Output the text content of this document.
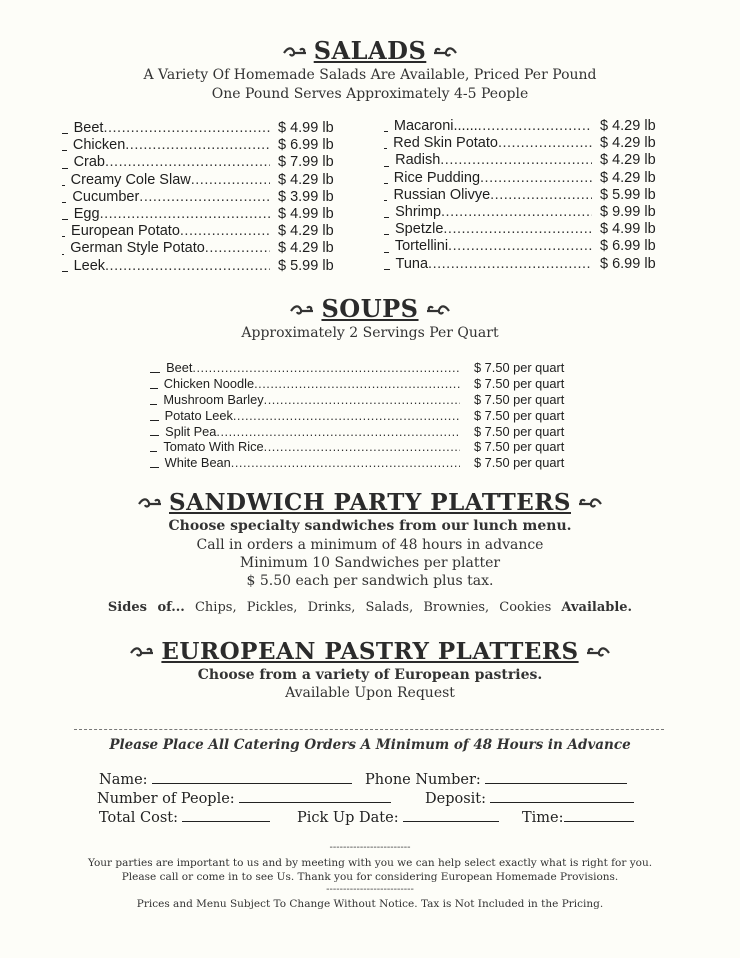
SALADS
A Variety Of Homemade Salads Are Available, Priced Per Pound
One Pound Serves Approximately 4-5 People
Beet .....	$ 4.99 lb
Chicken .....	$ 6.99 lb
Crab .....	$ 7.99 lb
Creamy Cole Slaw .....	$ 4.29 lb
Cucumber .....	$ 3.99 lb
Egg .....	$ 4.99 lb
European Potato .....	$ 4.29 lb
German Style Potato .....	$ 4.29 lb
Leek .....	$ 5.99 lb
Macaroni...... .....	$ 4.29 lb
Red Skin Potato .....	$ 4.29 lb
Radish .....	$ 4.29 lb
Rice Pudding .....	$ 4.29 lb
Russian Olivye .....	$ 5.99 lb
Shrimp .....	$ 9.99 lb
Spetzle .....	$ 4.99 lb
Tortellini .....	$ 6.99 lb
Tuna .....	$ 6.99 lb
SOUPS
Approximately 2 Servings Per Quart
Beet .....	$ 7.50 per quart
Chicken Noodle .....	$ 7.50 per quart
Mushroom Barley .....	$ 7.50 per quart
Potato Leek .....	$ 7.50 per quart
Split Pea .....	$ 7.50 per quart
Tomato With Rice .....	$ 7.50 per quart
White Bean .....	$ 7.50 per quart
SANDWICH PARTY PLATTERS
Choose specialty sandwiches from our lunch menu.
Call in orders a minimum of 48 hours in advance
Minimum 10 Sandwiches per platter
$ 5.50 each per sandwich plus tax.
Sides of... Chips, Pickles, Drinks, Salads, Brownies, Cookies Available.
EUROPEAN PASTRY PLATTERS
Choose from a variety of European pastries.
Available Upon Request
Please Place All Catering Orders A Minimum of 48 Hours in Advance
Name:	Phone Number:
Number of People:	Deposit:
Total Cost:	Pick Up Date:	Time:
------------------------
Your parties are important to us and by meeting with you we can help select exactly what is right for you.
Please call or come in to see Us. Thank you for considering European Homemade Provisions.
--------------------------
Prices and Menu Subject To Change Without Notice. Tax is Not Included in the Pricing.
